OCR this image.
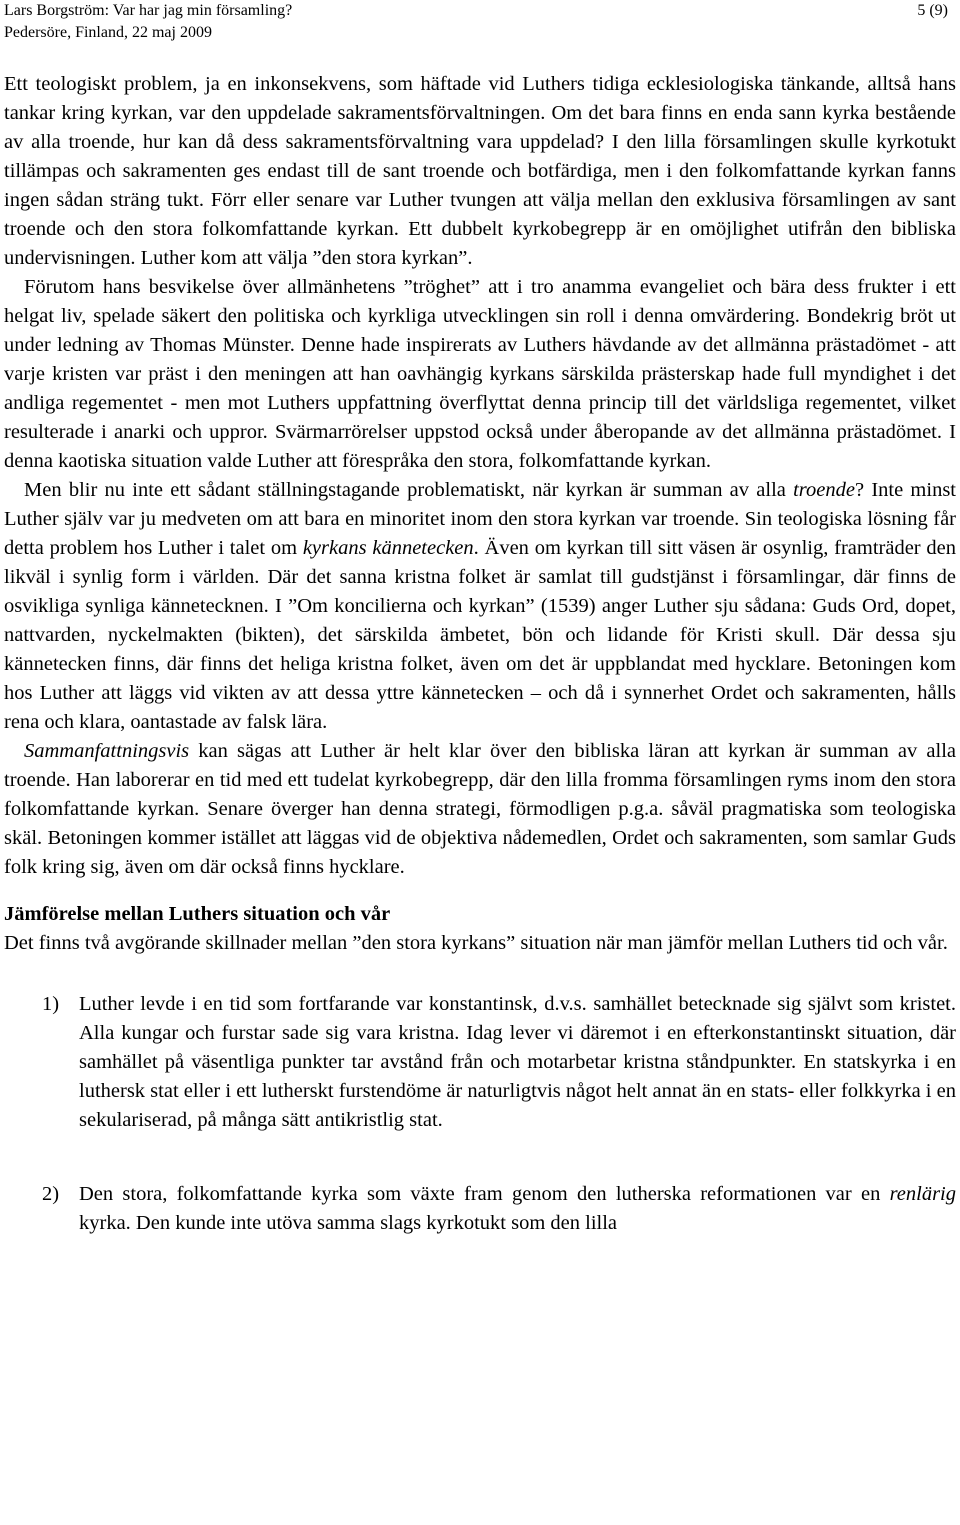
Lars Borgström: Var har jag min församling?	5 (9)
Pedersöre, Finland, 22 maj 2009

Ett teologiskt problem, ja en inkonsekvens, som häftade vid Luthers tidiga ecklesiologiska tänkande, alltså hans tankar kring kyrkan, var den uppdelade sakramentsförvaltningen. Om det bara finns en enda sann kyrka bestående av alla troende, hur kan då dess sakramentsförvaltning vara uppdelad? I den lilla församlingen skulle kyrkotukt tillämpas och sakramenten ges endast till de sant troende och botfärdiga, men i den folkomfattande kyrkan fanns ingen sådan sträng tukt. Förr eller senare var Luther tvungen att välja mellan den exklusiva församlingen av sant troende och den stora folkomfattande kyrkan. Ett dubbelt kyrkobegrepp är en omöjlighet utifrån den bibliska undervisningen. Luther kom att välja ”den stora kyrkan”.

Förutom hans besvikelse över allmänhetens ”tröghet” att i tro anamma evangeliet och bära dess frukter i ett helgat liv, spelade säkert den politiska och kyrkliga utvecklingen sin roll i denna omvärdering. Bondekrig bröt ut under ledning av Thomas Münster. Denne hade inspirerats av Luthers hävdande av det allmänna prästadömet - att varje kristen var präst i den meningen att han oavhängig kyrkans särskilda prästerskap hade full myndighet i det andliga regementet - men mot Luthers uppfattning överflyttat denna princip till det världsliga regementet, vilket resulterade i anarki och uppror. Svärmarrörelser uppstod också under åberopande av det allmänna prästadömet. I denna kaotiska situation valde Luther att förespråka den stora, folkomfattande kyrkan.

Men blir nu inte ett sådant ställningstagande problematiskt, när kyrkan är summan av alla troende? Inte minst Luther själv var ju medveten om att bara en minoritet inom den stora kyrkan var troende. Sin teologiska lösning får detta problem hos Luther i talet om kyrkans kännetecken. Även om kyrkan till sitt väsen är osynlig, framträder den likväl i synlig form i världen. Där det sanna kristna folket är samlat till gudstjänst i församlingar, där finns de osvikliga synliga kännetecknen. I ”Om koncilierna och kyrkan” (1539) anger Luther sju sådana: Guds Ord, dopet, nattvarden, nyckelmakten (bikten), det särskilda ämbetet, bön och lidande för Kristi skull. Där dessa sju kännetecken finns, där finns det heliga kristna folket, även om det är uppblandat med hycklare. Betoningen kom hos Luther att läggs vid vikten av att dessa yttre kännetecken – och då i synnerhet Ordet och sakramenten, hålls rena och klara, oantastade av falsk lära.

Sammanfattningsvis kan sägas att Luther är helt klar över den bibliska läran att kyrkan är summan av alla troende. Han laborerar en tid med ett tudelat kyrkobegrepp, där den lilla fromma församlingen ryms inom den stora folkomfattande kyrkan. Senare överger han denna strategi, förmodligen p.g.a. såväl pragmatiska som teologiska skäl. Betoningen kommer istället att läggas vid de objektiva nådemedlen, Ordet och sakramenten, som samlar Guds folk kring sig, även om där också finns hycklare.

Jämförelse mellan Luthers situation och vår

Det finns två avgörande skillnader mellan ”den stora kyrkans” situation när man jämför mellan Luthers tid och vår.

1) Luther levde i en tid som fortfarande var konstantinsk, d.v.s. samhället betecknade sig självt som kristet. Alla kungar och furstar sade sig vara kristna. Idag lever vi däremot i en efterkonstantinskt situation, där samhället på väsentliga punkter tar avstånd från och motarbetar kristna ståndpunkter. En statskyrka i en luthersk stat eller i ett lutherskt furstendöme är naturligtvis något helt annat än en stats- eller folkkyrka i en sekulariserad, på många sätt antikristlig stat.
2) Den stora, folkomfattande kyrka som växte fram genom den lutherska reformationen var en renlärig kyrka. Den kunde inte utöva samma slags kyrkotukt som den lilla
